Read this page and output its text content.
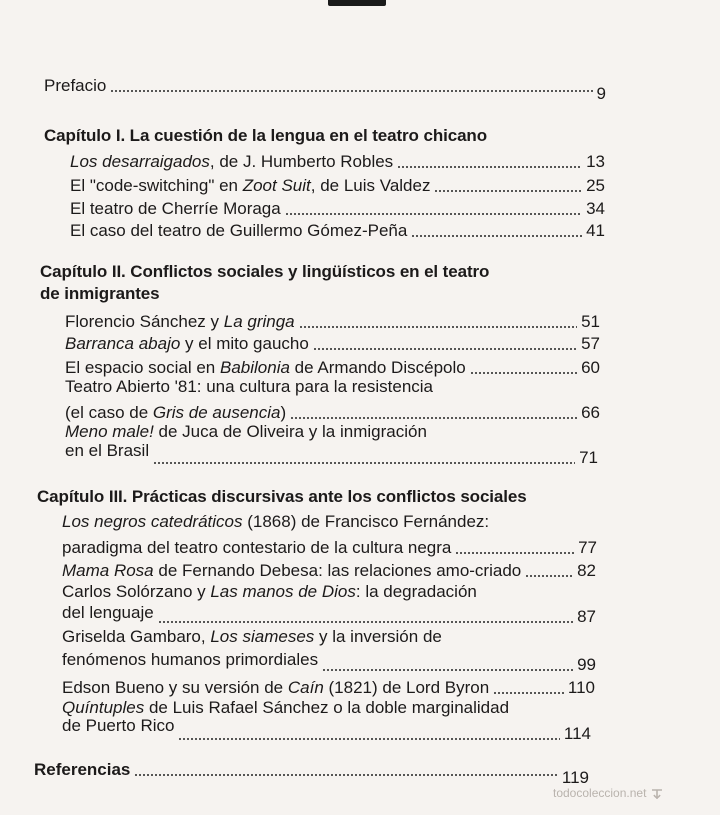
Prefacio	9
Capítulo I. La cuestión de la lengua en el teatro chicano
Los desarraigados, de J. Humberto Robles	13
El "code-switching" en Zoot Suit, de Luis Valdez	25
El teatro de Cherríe Moraga	34
El caso del teatro de Guillermo Gómez-Peña	41
Capítulo II. Conflictos sociales y lingüísticos en el teatro
de inmigrantes
Florencio Sánchez y La gringa	51
Barranca abajo y el mito gaucho	57
El espacio social en Babilonia de Armando Discépolo	60
Teatro Abierto '81: una cultura para la resistencia
(el caso de Gris de ausencia)	66
Meno male! de Juca de Oliveira y la inmigración
en el Brasil	71
Capítulo III. Prácticas discursivas ante los conflictos sociales
Los negros catedráticos (1868) de Francisco Fernández:
paradigma del teatro contestario de la cultura negra	77
Mama Rosa de Fernando Debesa: las relaciones amo-criado	82
Carlos Solórzano y Las manos de Dios: la degradación
del lenguaje	87
Griselda Gambaro, Los siameses y la inversión de
fenómenos humanos primordiales	99
Edson Bueno y su versión de Caín (1821) de Lord Byron	110
Quíntuples de Luis Rafael Sánchez o la doble marginalidad
de Puerto Rico	114
Referencias	119
todocoleccion.net
